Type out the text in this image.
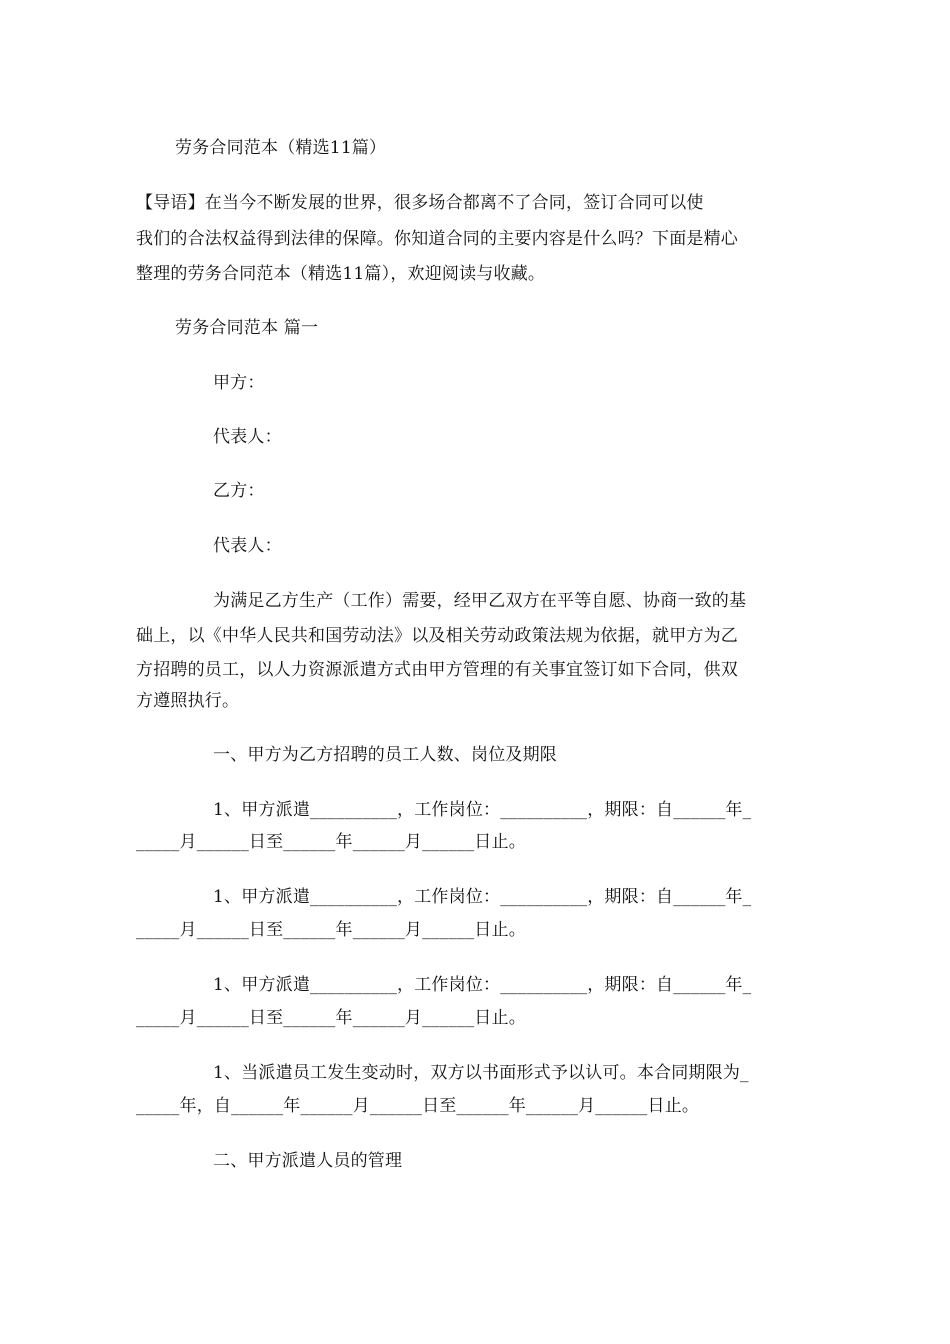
劳务合同范本（精选11篇）
【导语】在当今不断发展的世界，很多场合都离不了合同，签订合同可以使
我们的合法权益得到法律的保障。你知道合同的主要内容是什么吗？下面是精心
整理的劳务合同范本（精选11篇），欢迎阅读与收藏。
劳务合同范本 篇一
甲方：
代表人：
乙方：
代表人：
为满足乙方生产（工作）需要，经甲乙双方在平等自愿、协商一致的基
础上，以《中华人民共和国劳动法》以及相关劳动政策法规为依据，就甲方为乙
方招聘的员工，以人力资源派遣方式由甲方管理的有关事宜签订如下合同，供双
方遵照执行。
一、甲方为乙方招聘的员工人数、岗位及期限
1、甲方派遣__________，工作岗位：__________，期限：自______年_
_____月______日至______年______月______日止。
1、甲方派遣__________，工作岗位：__________，期限：自______年_
_____月______日至______年______月______日止。
1、甲方派遣__________，工作岗位：__________，期限：自______年_
_____月______日至______年______月______日止。
1、当派遣员工发生变动时，双方以书面形式予以认可。本合同期限为_
_____年，自______年______月______日至______年______月______日止。
二、甲方派遣人员的管理
